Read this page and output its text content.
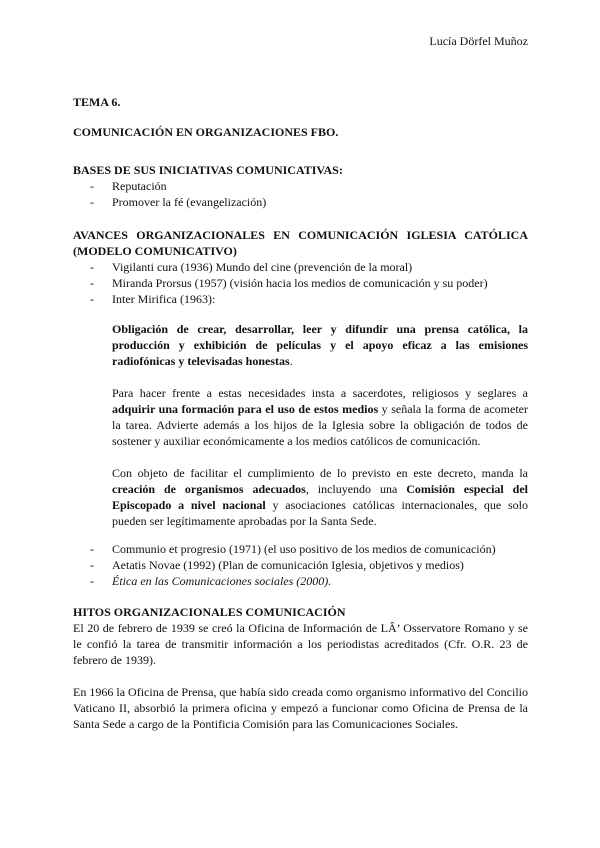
Lucía Dörfel Muñoz

TEMA 6.

COMUNICACIÓN EN ORGANIZACIONES FBO.

BASES DE SUS INICIATIVAS COMUNICATIVAS:

- Reputación
- Promover la fé (evangelización)

AVANCES ORGANIZACIONALES EN COMUNICACIÓN IGLESIA CATÓLICA (MODELO COMUNICATIVO)

- Vigilanti cura (1936) Mundo del cine (prevención de la moral)
- Miranda Prorsus (1957) (visión hacia los medios de comunicación y su poder)
- Inter Mirifica (1963):

Obligación de crear, desarrollar, leer y difundir una prensa católica, la producción y exhibición de películas y el apoyo eficaz a las emisiones radiofónicas y televisadas honestas.

Para hacer frente a estas necesidades insta a sacerdotes, religiosos y seglares a adquirir una formación para el uso de estos medios y señala la forma de acometer la tarea. Advierte además a los hijos de la Iglesia sobre la obligación de todos de sostener y auxiliar económicamente a los medios católicos de comunicación.

Con objeto de facilitar el cumplimiento de lo previsto en este decreto, manda la creación de organismos adecuados, incluyendo una Comisión especial del Episcopado a nivel nacional y asociaciones católicas internacionales, que solo pueden ser legítimamente aprobadas por la Santa Sede.

- Communio et progresio (1971) (el uso positivo de los medios de comunicación)
- Aetatis Novae (1992) (Plan de comunicación Iglesia, objetivos y medios)
- Ética en las Comunicaciones sociales (2000).

HITOS ORGANIZACIONALES COMUNICACIÓN

El 20 de febrero de 1939 se creó la Oficina de Información de LÂ’ Osservatore Romano y se le confió la tarea de transmitir información a los periodistas acreditados (Cfr. O.R. 23 de febrero de 1939).

En 1966 la Oficina de Prensa, que había sido creada como organismo informativo del Concilio Vaticano II, absorbió la primera oficina y empezó a funcionar como Oficina de Prensa de la Santa Sede a cargo de la Pontificia Comisión para las Comunicaciones Sociales.
